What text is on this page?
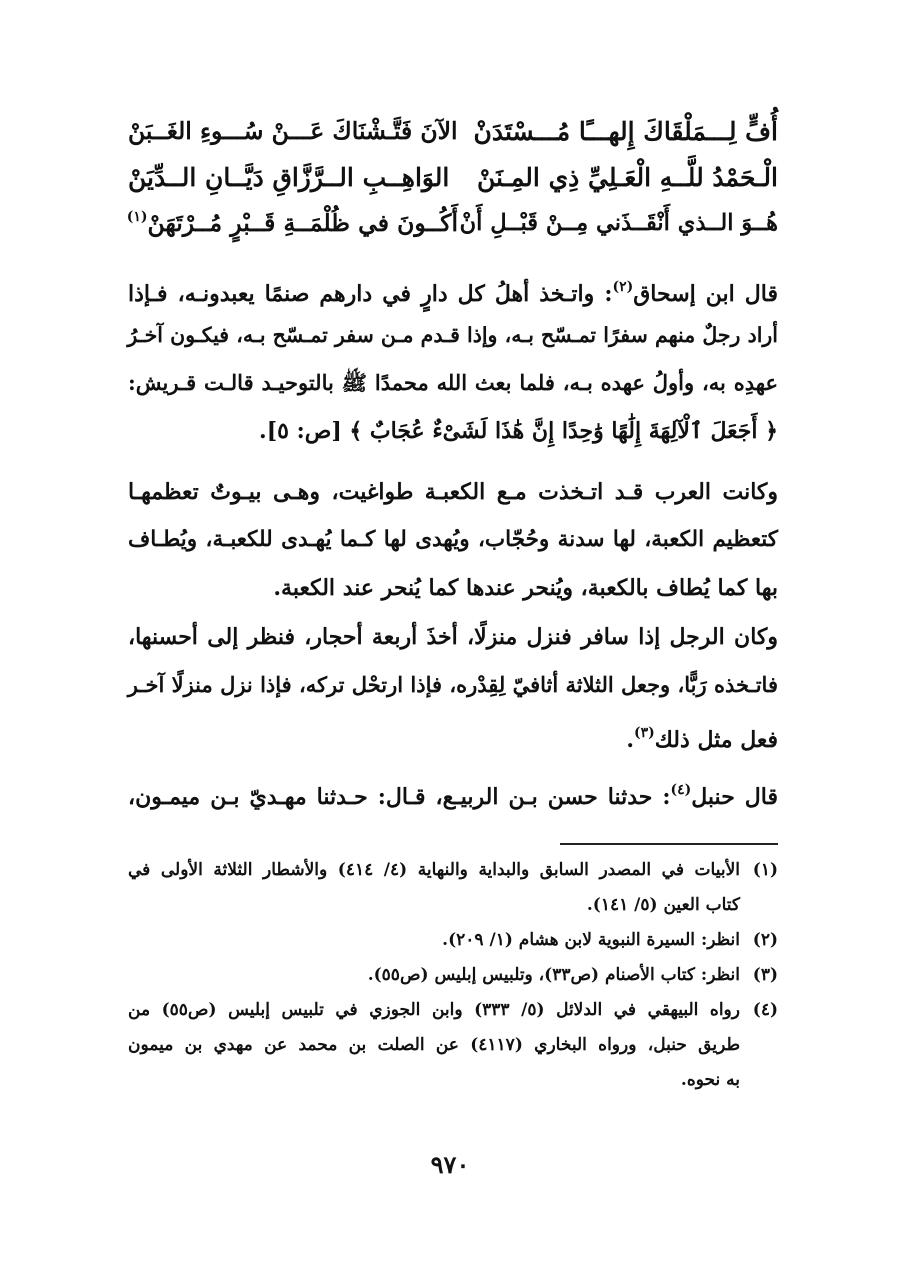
أُفٍّ لِـــمَلْقَاكَ إِلهـــًا مُـــسْتَدَنْ
الآنَ فَتَّـشْنَاكَ عَـــنْ سُـــوءِ الغَــبَنْ
الْـحَمْدُ للَّــهِ الْعَـلِيِّ ذِي المِـنَنْ
الوَاهِــبِ الــرَّزَّاقِ دَيَّــانِ الــدِّيَنْ
هُــوَ الــذي أَنْقَــذَني مِــنْ قَبْــلِ أَنْ
أَكُــونَ في ظُلْمَــةِ قَــبْرٍ مُــرْتَهَنْ$^{(١)}$
قال ابن إسحاق$^{(٢)}$: واتـخذ أهلُ كل دارٍ في دارهم صنمًا يعبدونـه، فـإذا
أراد رجلٌ منهم سفرًا تمـسّح بـه، وإذا قـدم مـن سفر تمـسّح بـه، فيكـون آخـرُ
عهدِه به، وأولُ عهده بـه، فلما بعث الله محمدًا ﷺ بالتوحيـد قالـت قـريش:
﴿ أَجَعَلَ ٱلْآلِهَةَ إِلَٰهًا وَٰحِدًا إِنَّ هَٰذَا لَشَىْءٌ عُجَابٌ ﴾ [ص: ٥].
وكانت العرب قـد اتـخذت مـع الكعبـة طواغيت، وهـى بيـوتٌ تعظمهـا
كتعظيم الكعبة، لها سدنة وحُجّاب، ويُهدى لها كـما يُهـدى للكعبـة، ويُطـاف
بها كما يُطاف بالكعبة، ويُنحر عندها كما يُنحر عند الكعبة.
وكان الرجل إذا سافر فنزل منزلًا، أخذَ أربعة أحجار، فنظر إلى أحسنها،
فاتـخذه رَبًّا، وجعل الثلاثة أثافيّ لِقِدْره، فإذا ارتحْل تركه، فإذا نزل منزلًا آخـر
فعل مثل ذلك$^{(٣)}$.
قال حنبل$^{(٤)}$: حدثنا حسن بـن الربيـع، قـال: حـدثنا مهـديّ بـن ميمـون،
(١)
الأبيات في المصدر السابق والبداية والنهاية (٤/ ٤١٤) والأشطار الثلاثة الأولى في
كتاب العين (٥/ ١٤١).
(٢)
انظر: السيرة النبوية لابن هشام (١/ ٢٠٩).
(٣)
انظر: كتاب الأصنام (ص٣٣)، وتلبيس إبليس (ص٥٥).
(٤)
رواه البيهقي في الدلائل (٥/ ٣٣٣) وابن الجوزي في تلبيس إبليس (ص٥٥) من
طريق حنبل، ورواه البخاري (٤١١٧) عن الصلت بن محمد عن مهدي بن ميمون
به نحوه.
٩٧٠
